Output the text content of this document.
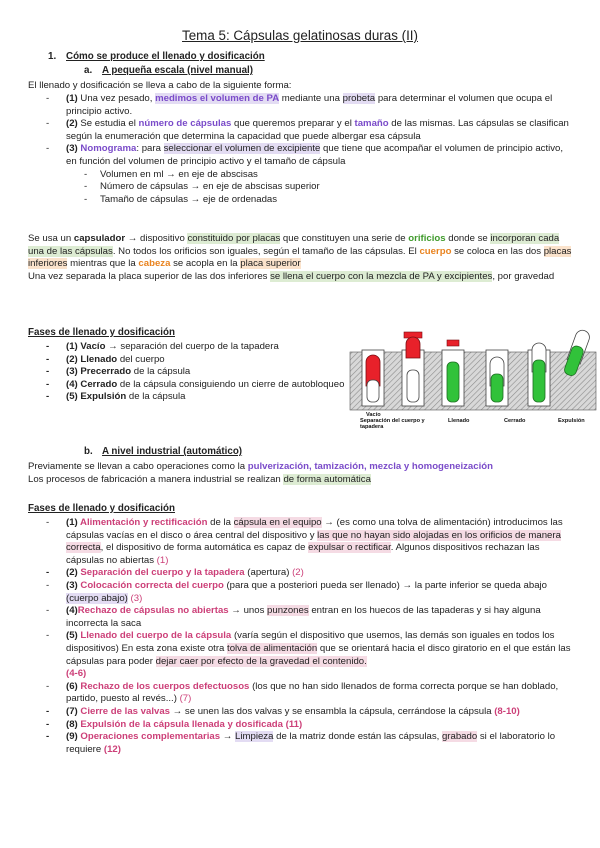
Tema 5: Cápsulas gelatinosas duras (II)
1. Cómo se produce el llenado y dosificación
a. A pequeña escala (nivel manual)
El llenado y dosificación se lleva a cabo de la siguiente forma:
-	(1) Una vez pesado, medimos el volumen de PA mediante una probeta para determinar el volumen que ocupa el principio activo.
-	(2) Se estudia el número de cápsulas que queremos preparar y el tamaño de las mismas. Las cápsulas se clasifican según la enumeración que determina la capacidad que puede albergar esa cápsula
-	(3) Nomograma: para seleccionar el volumen de excipiente que tiene que acompañar el volumen de principio activo, en función del volumen de principio activo y el tamaño de cápsula
- Volumen en ml → en eje de abscisas
- Número de cápsulas → en eje de abscisas superior
- Tamaño de cápsulas → eje de ordenadas
Se usa un capsulador → dispositivo constituido por placas que constituyen una serie de orificios donde se incorporan cada una de las cápsulas. No todos los orificios son iguales, según el tamaño de las cápsulas. El cuerpo se coloca en las dos placas inferiores mientras que la cabeza se acopla en la placa superior
Una vez separada la placa superior de las dos inferiores se llena el cuerpo con la mezcla de PA y excipientes, por gravedad
Fases de llenado y dosificación
-	(1) Vacío → separación del cuerpo de la tapadera
-	(2) Llenado del cuerpo
-	(3) Precerrado de la cápsula
-	(4) Cerrado de la cápsula consiguiendo un cierre de autobloqueo
-	(5) Expulsión de la cápsula
Vacío
Separación del cuerpo y tapadera
Llenado	Cerrado	Expulsión
b. A nivel industrial (automático)
Previamente se llevan a cabo operaciones como la pulverización, tamización, mezcla y homogeneización
Los procesos de fabricación a manera industrial se realizan de forma automática
Fases de llenado y dosificación
-	(1) Alimentación y rectificación de la cápsula en el equipo → (es como una tolva de alimentación) introducimos las cápsulas vacías en el disco o área central del dispositivo y las que no hayan sido alojadas en los orificios de manera correcta, el dispositivo de forma automática es capaz de expulsar o rectificar. Algunos dispositivos rechazan las cápsulas no abiertas (1)
-	(2) Separación del cuerpo y la tapadera (apertura) (2)
-	(3) Colocación correcta del cuerpo (para que a posteriori pueda ser llenado) → la parte inferior se queda abajo (cuerpo abajo) (3)
-	(4)Rechazo de cápsulas no abiertas → unos punzones entran en los huecos de las tapaderas y si hay alguna incorrecta la saca
-	(5) Llenado del cuerpo de la cápsula (varía según el dispositivo que usemos, las demás son iguales en todos los dispositivos) En esta zona existe otra tolva de alimentación que se orientará hacia el disco giratorio en el que están las cápsulas para poder dejar caer por efecto de la gravedad el contenido.
(4-6)
-	(6) Rechazo de los cuerpos defectuosos (los que no han sido llenados de forma correcta porque se han doblado, partido, puesto al revés...) (7)
-	(7) Cierre de las valvas → se unen las dos valvas y se ensambla la cápsula, cerrándose la cápsula (8-10)
-	(8) Expulsión de la cápsula llenada y dosificada (11)
-	(9) Operaciones complementarias → Limpieza de la matriz donde están las cápsulas, grabado si el laboratorio lo requiere (12)
